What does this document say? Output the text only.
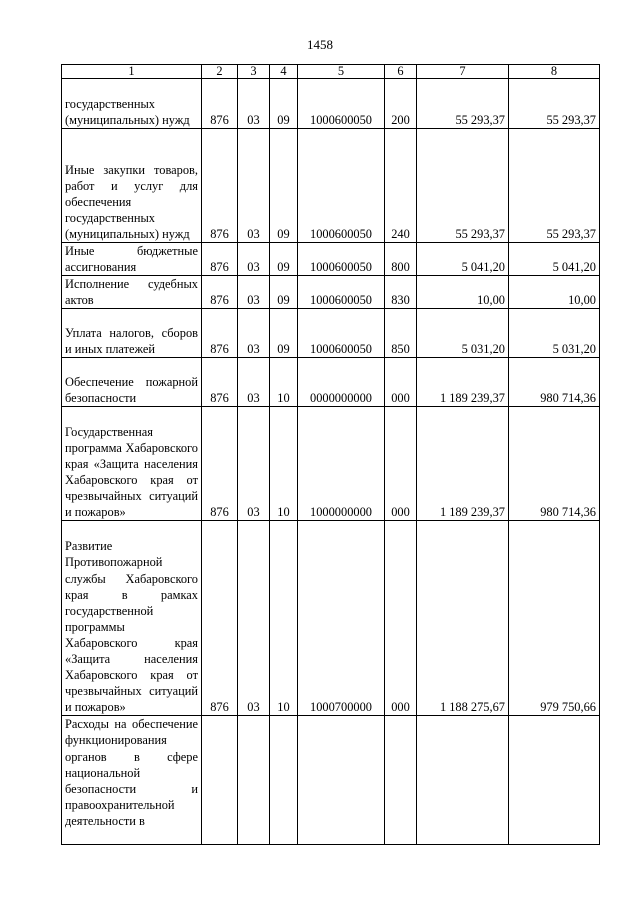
1458
1	2	3	4	5	6	7	8
государственных (муниципальных) нужд	876	03	09	1000600050	200	55 293,37	55 293,37
Иные закупки товаров, работ и услуг для обеспечения государственных (муниципальных) нужд	876	03	09	1000600050	240	55 293,37	55 293,37
Иные бюджетные ассигнования	876	03	09	1000600050	800	5 041,20	5 041,20
Исполнение судебных актов	876	03	09	1000600050	830	10,00	10,00
Уплата налогов, сборов и иных платежей	876	03	09	1000600050	850	5 031,20	5 031,20
Обеспечение пожарной безопасности	876	03	10	0000000000	000	1 189 239,37	980 714,36
Государственная программа Хабаровского края «Защита населения Хабаровского края от чрезвычайных ситуаций и пожаров»	876	03	10	1000000000	000	1 189 239,37	980 714,36
Развитие Противопожарной службы Хабаровского края в рамках государственной программы Хабаровского края «Защита населения Хабаровского края от чрезвычайных ситуаций и пожаров»	876	03	10	1000700000	000	1 188 275,67	979 750,66
Расходы на обеспечение функционирования органов в сфере национальной безопасности и правоохранительной деятельности в							
